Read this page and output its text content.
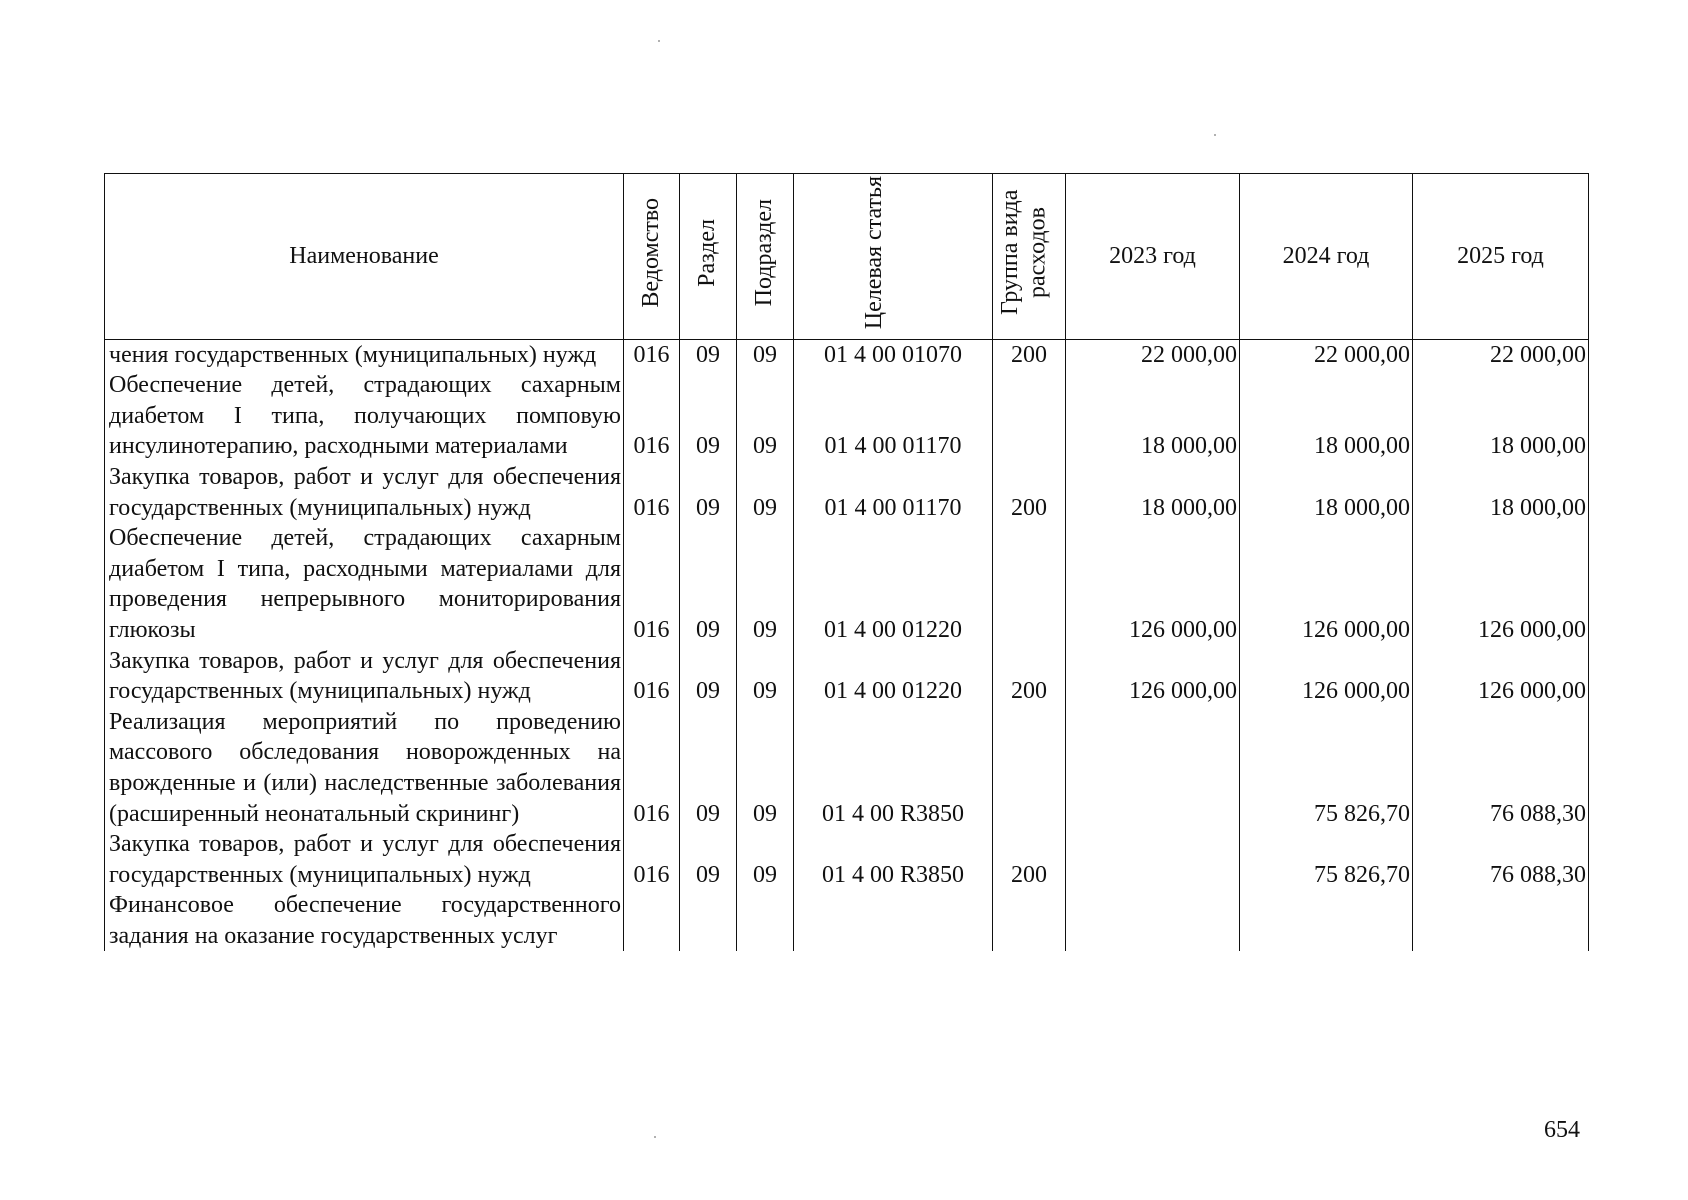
Наименование	Ведомство	Раздел	Подраздел	Целевая статья	Группа вида расходов	2023 год	2024 год	2025 год
чения государственных (муниципальных) нужд	016	09	09	01 4 00 01070	200	22 000,00	22 000,00	22 000,00
Обеспечение детей, страдающих сахарным диабетом I типа, получающих помповую инсулинотерапию, расходными материалами	016	09	09	01 4 00 01170		18 000,00	18 000,00	18 000,00
Закупка товаров, работ и услуг для обеспечения государственных (муниципальных) нужд	016	09	09	01 4 00 01170	200	18 000,00	18 000,00	18 000,00
Обеспечение детей, страдающих сахарным диабетом I типа, расходными материалами для проведения непрерывного мониторирования глюкозы	016	09	09	01 4 00 01220		126 000,00	126 000,00	126 000,00
Закупка товаров, работ и услуг для обеспечения государственных (муниципальных) нужд	016	09	09	01 4 00 01220	200	126 000,00	126 000,00	126 000,00
Реализация мероприятий по проведению массового обследования новорожденных на врожденные и (или) наследственные заболевания (расширенный неонатальный скрининг)	016	09	09	01 4 00 R3850			75 826,70	76 088,30
Закупка товаров, работ и услуг для обеспечения государственных (муниципальных) нужд	016	09	09	01 4 00 R3850	200		75 826,70	76 088,30
Финансовое обеспечение государственного задания на оказание государственных услуг								
654
